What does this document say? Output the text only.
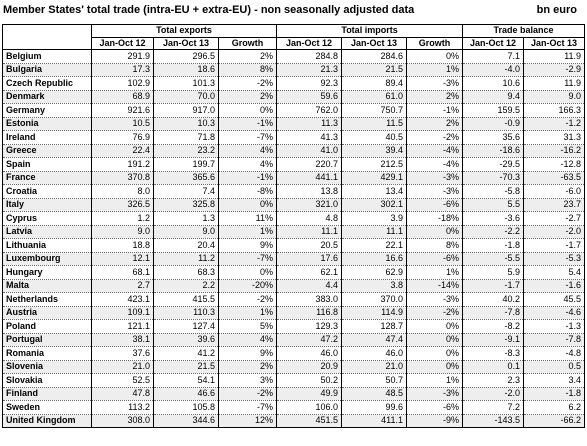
Member States' total trade (intra-EU + extra-EU) - non seasonally adjusted data	bn euro
	Total exports			Total imports			Trade balance	
	Jan-Oct 12	Jan-Oct 13	Growth	Jan-Oct 12	Jan-Oct 13	Growth	Jan-Oct 12	Jan-Oct 13
Belgium	291.9	296.5	2%	284.8	284.6	0%	7.1	11.9
Bulgaria	17.3	18.6	8%	21.3	21.5	1%	-4.0	-2.9
Czech Republic	102.9	101.3	-2%	92.3	89.4	-3%	10.6	11.9
Denmark	68.9	70.0	2%	59.6	61.0	2%	9.4	9.0
Germany	921.6	917.0	0%	762.0	750.7	-1%	159.5	166.3
Estonia	10.5	10.3	-1%	11.3	11.5	2%	-0.9	-1.2
Ireland	76.9	71.8	-7%	41.3	40.5	-2%	35.6	31.3
Greece	22.4	23.2	4%	41.0	39.4	-4%	-18.6	-16.2
Spain	191.2	199.7	4%	220.7	212.5	-4%	-29.5	-12.8
France	370.8	365.6	-1%	441.1	429.1	-3%	-70.3	-63.5
Croatia	8.0	7.4	-8%	13.8	13.4	-3%	-5.8	-6.0
Italy	326.5	325.8	0%	321.0	302.1	-6%	5.5	23.7
Cyprus	1.2	1.3	11%	4.8	3.9	-18%	-3.6	-2.7
Latvia	9.0	9.0	1%	11.1	11.1	0%	-2.2	-2.0
Lithuania	18.8	20.4	9%	20.5	22.1	8%	-1.8	-1.7
Luxembourg	12.1	11.2	-7%	17.6	16.6	-6%	-5.5	-5.3
Hungary	68.1	68.3	0%	62.1	62.9	1%	5.9	5.4
Malta	2.7	2.2	-20%	4.4	3.8	-14%	-1.7	-1.6
Netherlands	423.1	415.5	-2%	383.0	370.0	-3%	40.2	45.5
Austria	109.1	110.3	1%	116.8	114.9	-2%	-7.8	-4.6
Poland	121.1	127.4	5%	129.3	128.7	0%	-8.2	-1.3
Portugal	38.1	39.6	4%	47.2	47.4	0%	-9.1	-7.8
Romania	37.6	41.2	9%	46.0	46.0	0%	-8.3	-4.8
Slovenia	21.0	21.5	2%	20.9	21.0	0%	0.1	0.5
Slovakia	52.5	54.1	3%	50.2	50.7	1%	2.3	3.4
Finland	47.8	46.6	-2%	49.9	48.5	-3%	-2.0	-1.8
Sweden	113.2	105.8	-7%	106.0	99.6	-6%	7.2	6.2
United Kingdom	308.0	344.6	12%	451.5	411.1	-9%	-143.5	-66.2
